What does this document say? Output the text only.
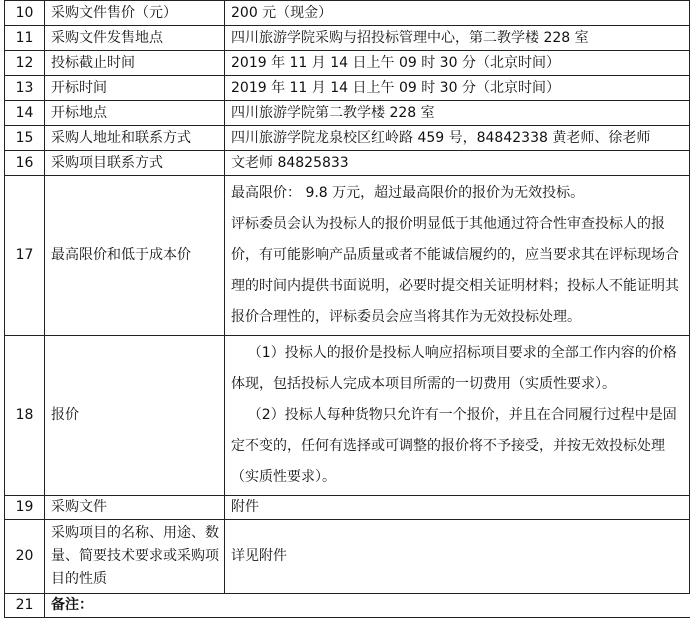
10	采购文件售价（元）	200 元（现金）
11	采购文件发售地点	四川旅游学院采购与招投标管理中心，第二教学楼 228 室
12	投标截止时间	2019 年 11 月 14 日上午 09 时 30 分（北京时间）
13	开标时间	2019 年 11 月 14 日上午 09 时 30 分（北京时间）
14	开标地点	四川旅游学院第二教学楼 228 室
15	采购人地址和联系方式	四川旅游学院龙泉校区红岭路 459 号，84842338 黄老师、徐老师
16	采购项目联系方式	文老师 84825833
17	最高限价和低于成本价	最高限价： 9.8 万元，超过最高限价的报价为无效投标。

评标委员会认为投标人的报价明显低于其他通过符合性审查投标人的报价，有可能影响产品质量或者不能诚信履约的，应当要求其在评标现场合理的时间内提供书面说明，必要时提交相关证明材料；投标人不能证明其报价合理性的，评标委员会应当将其作为无效投标处理。

18	报价	（1）投标人的报价是投标人响应招标项目要求的全部工作内容的价格体现，包括投标人完成本项目所需的一切费用（实质性要求）。

（2）投标人每种货物只允许有一个报价，并且在合同履行过程中是固定不变的，任何有选择或可调整的报价将不予接受，并按无效投标处理（实质性要求）。

19	采购文件	附件
20	采购项目的名称、用途、数量、简要技术要求或采购项目的性质	详见附件
21	备注：	
